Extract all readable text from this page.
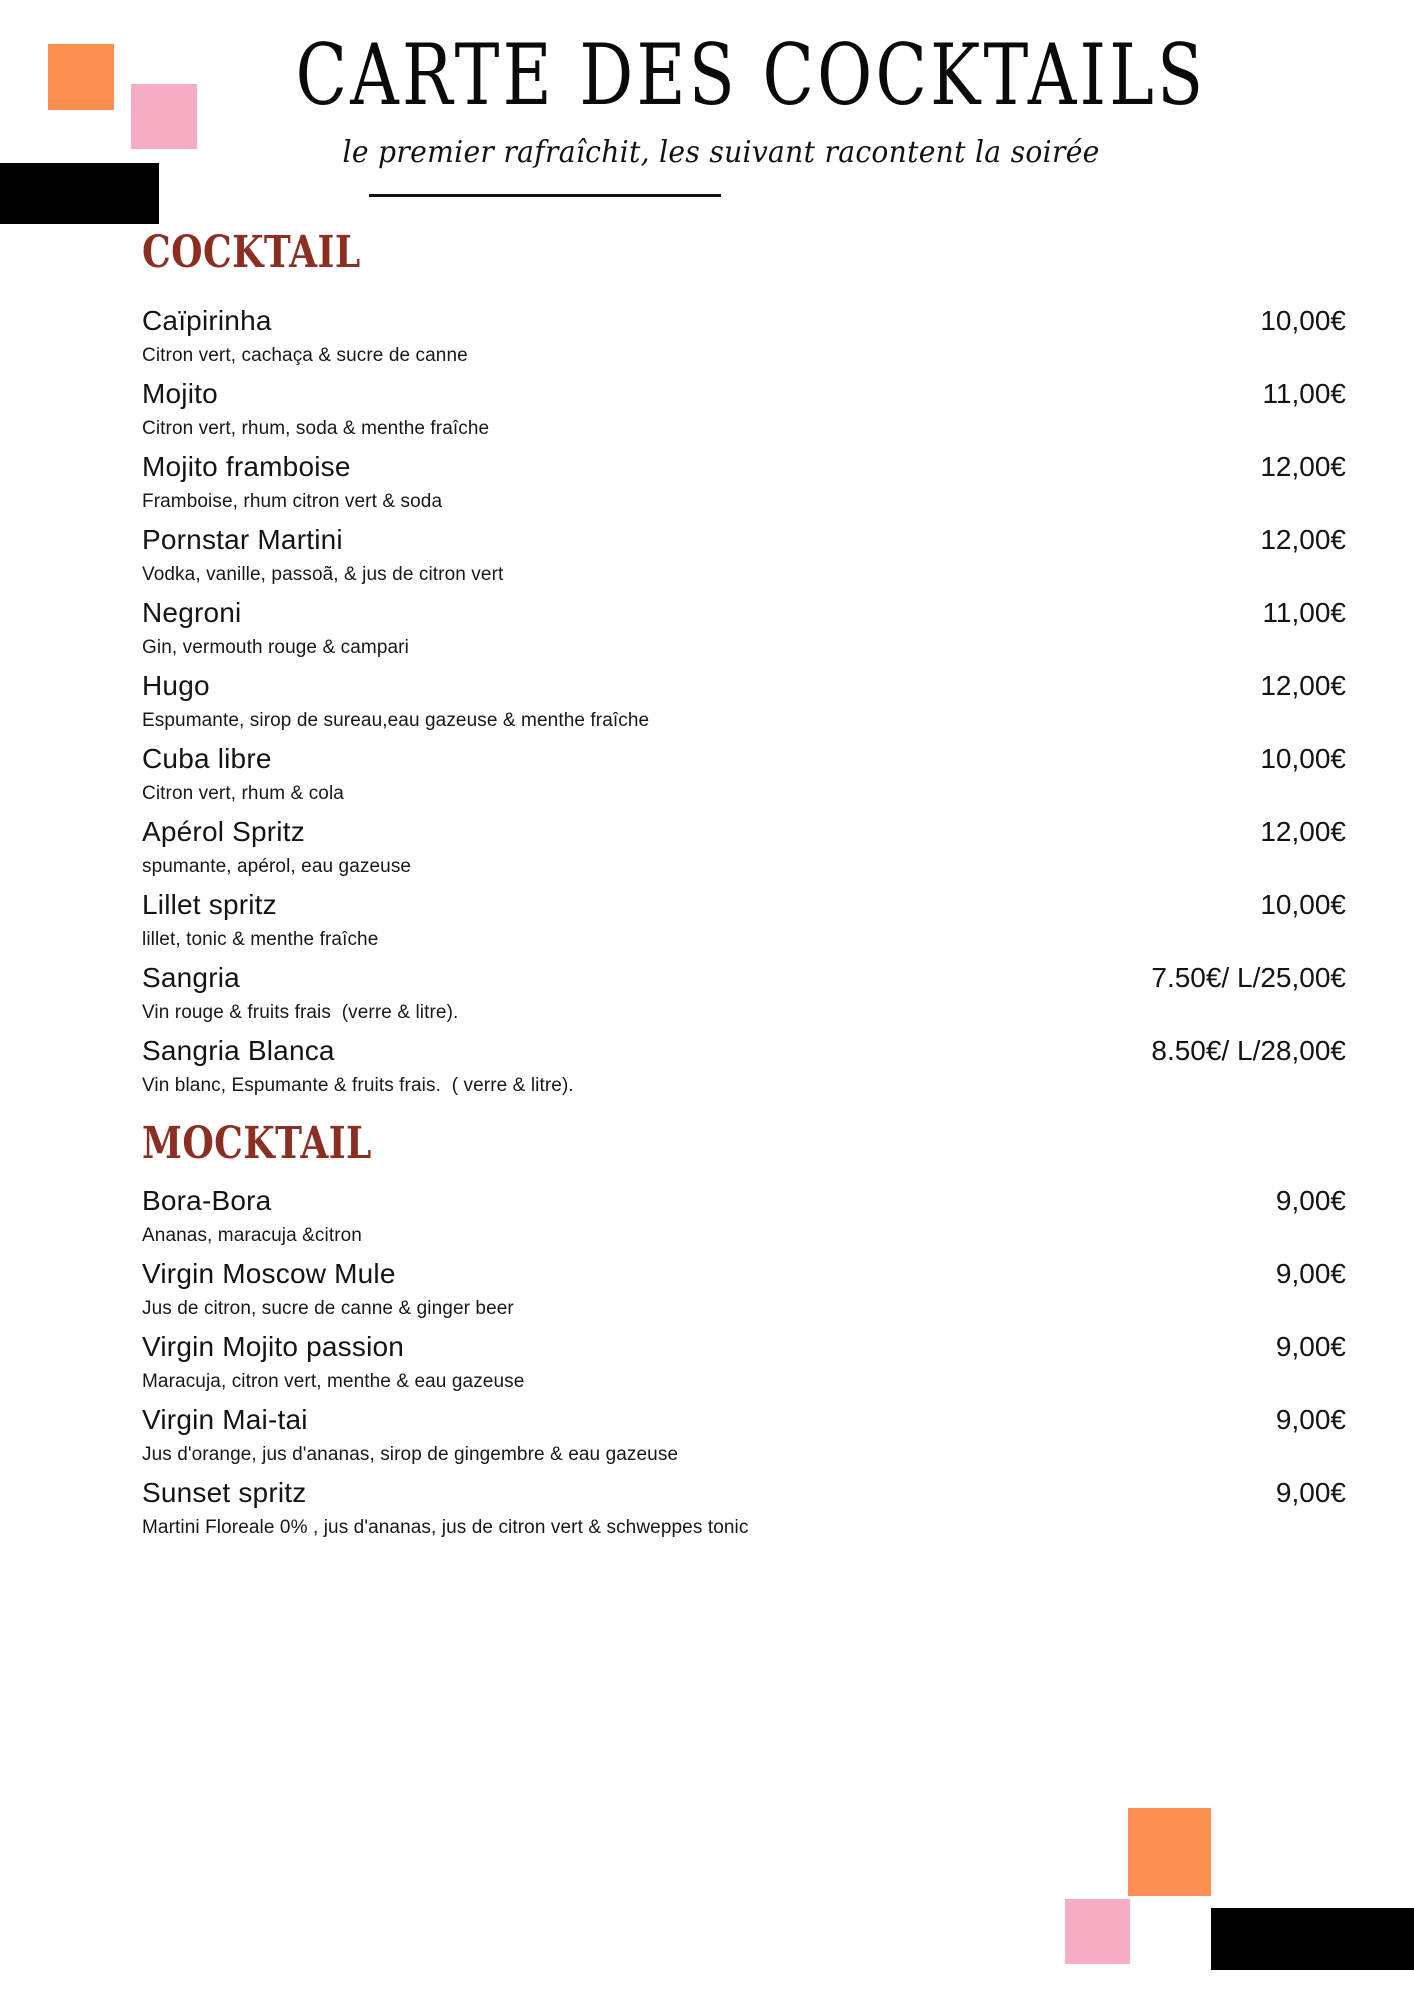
CARTE DES COCKTAILS
le premier rafraîchit, les suivant racontent la soirée
COCKTAIL
Caïpirinha	10,00€
Citron vert, cachaça & sucre de canne
Mojito	11,00€
Citron vert, rhum, soda & menthe fraîche
Mojito framboise	12,00€
Framboise, rhum citron vert & soda
Pornstar Martini	12,00€
Vodka, vanille, passoã, & jus de citron vert
Negroni	11,00€
Gin, vermouth rouge & campari
Hugo	12,00€
Espumante, sirop de sureau,eau gazeuse & menthe fraîche
Cuba libre	10,00€
Citron vert, rhum & cola
Apérol Spritz	12,00€
spumante, apérol, eau gazeuse
Lillet spritz	10,00€
lillet, tonic & menthe fraîche
Sangria	7.50€/ L/25,00€
Vin rouge & fruits frais  (verre & litre).
Sangria Blanca	8.50€/ L/28,00€
Vin blanc, Espumante & fruits frais.  ( verre & litre).
MOCKTAIL
Bora-Bora	9,00€
Ananas, maracuja &citron
Virgin Moscow Mule	9,00€
Jus de citron, sucre de canne & ginger beer
Virgin Mojito passion	9,00€
Maracuja, citron vert, menthe & eau gazeuse
Virgin Mai-tai	9,00€
Jus d'orange, jus d'ananas, sirop de gingembre & eau gazeuse
Sunset spritz	9,00€
Martini Floreale 0% , jus d'ananas, jus de citron vert & schweppes tonic
